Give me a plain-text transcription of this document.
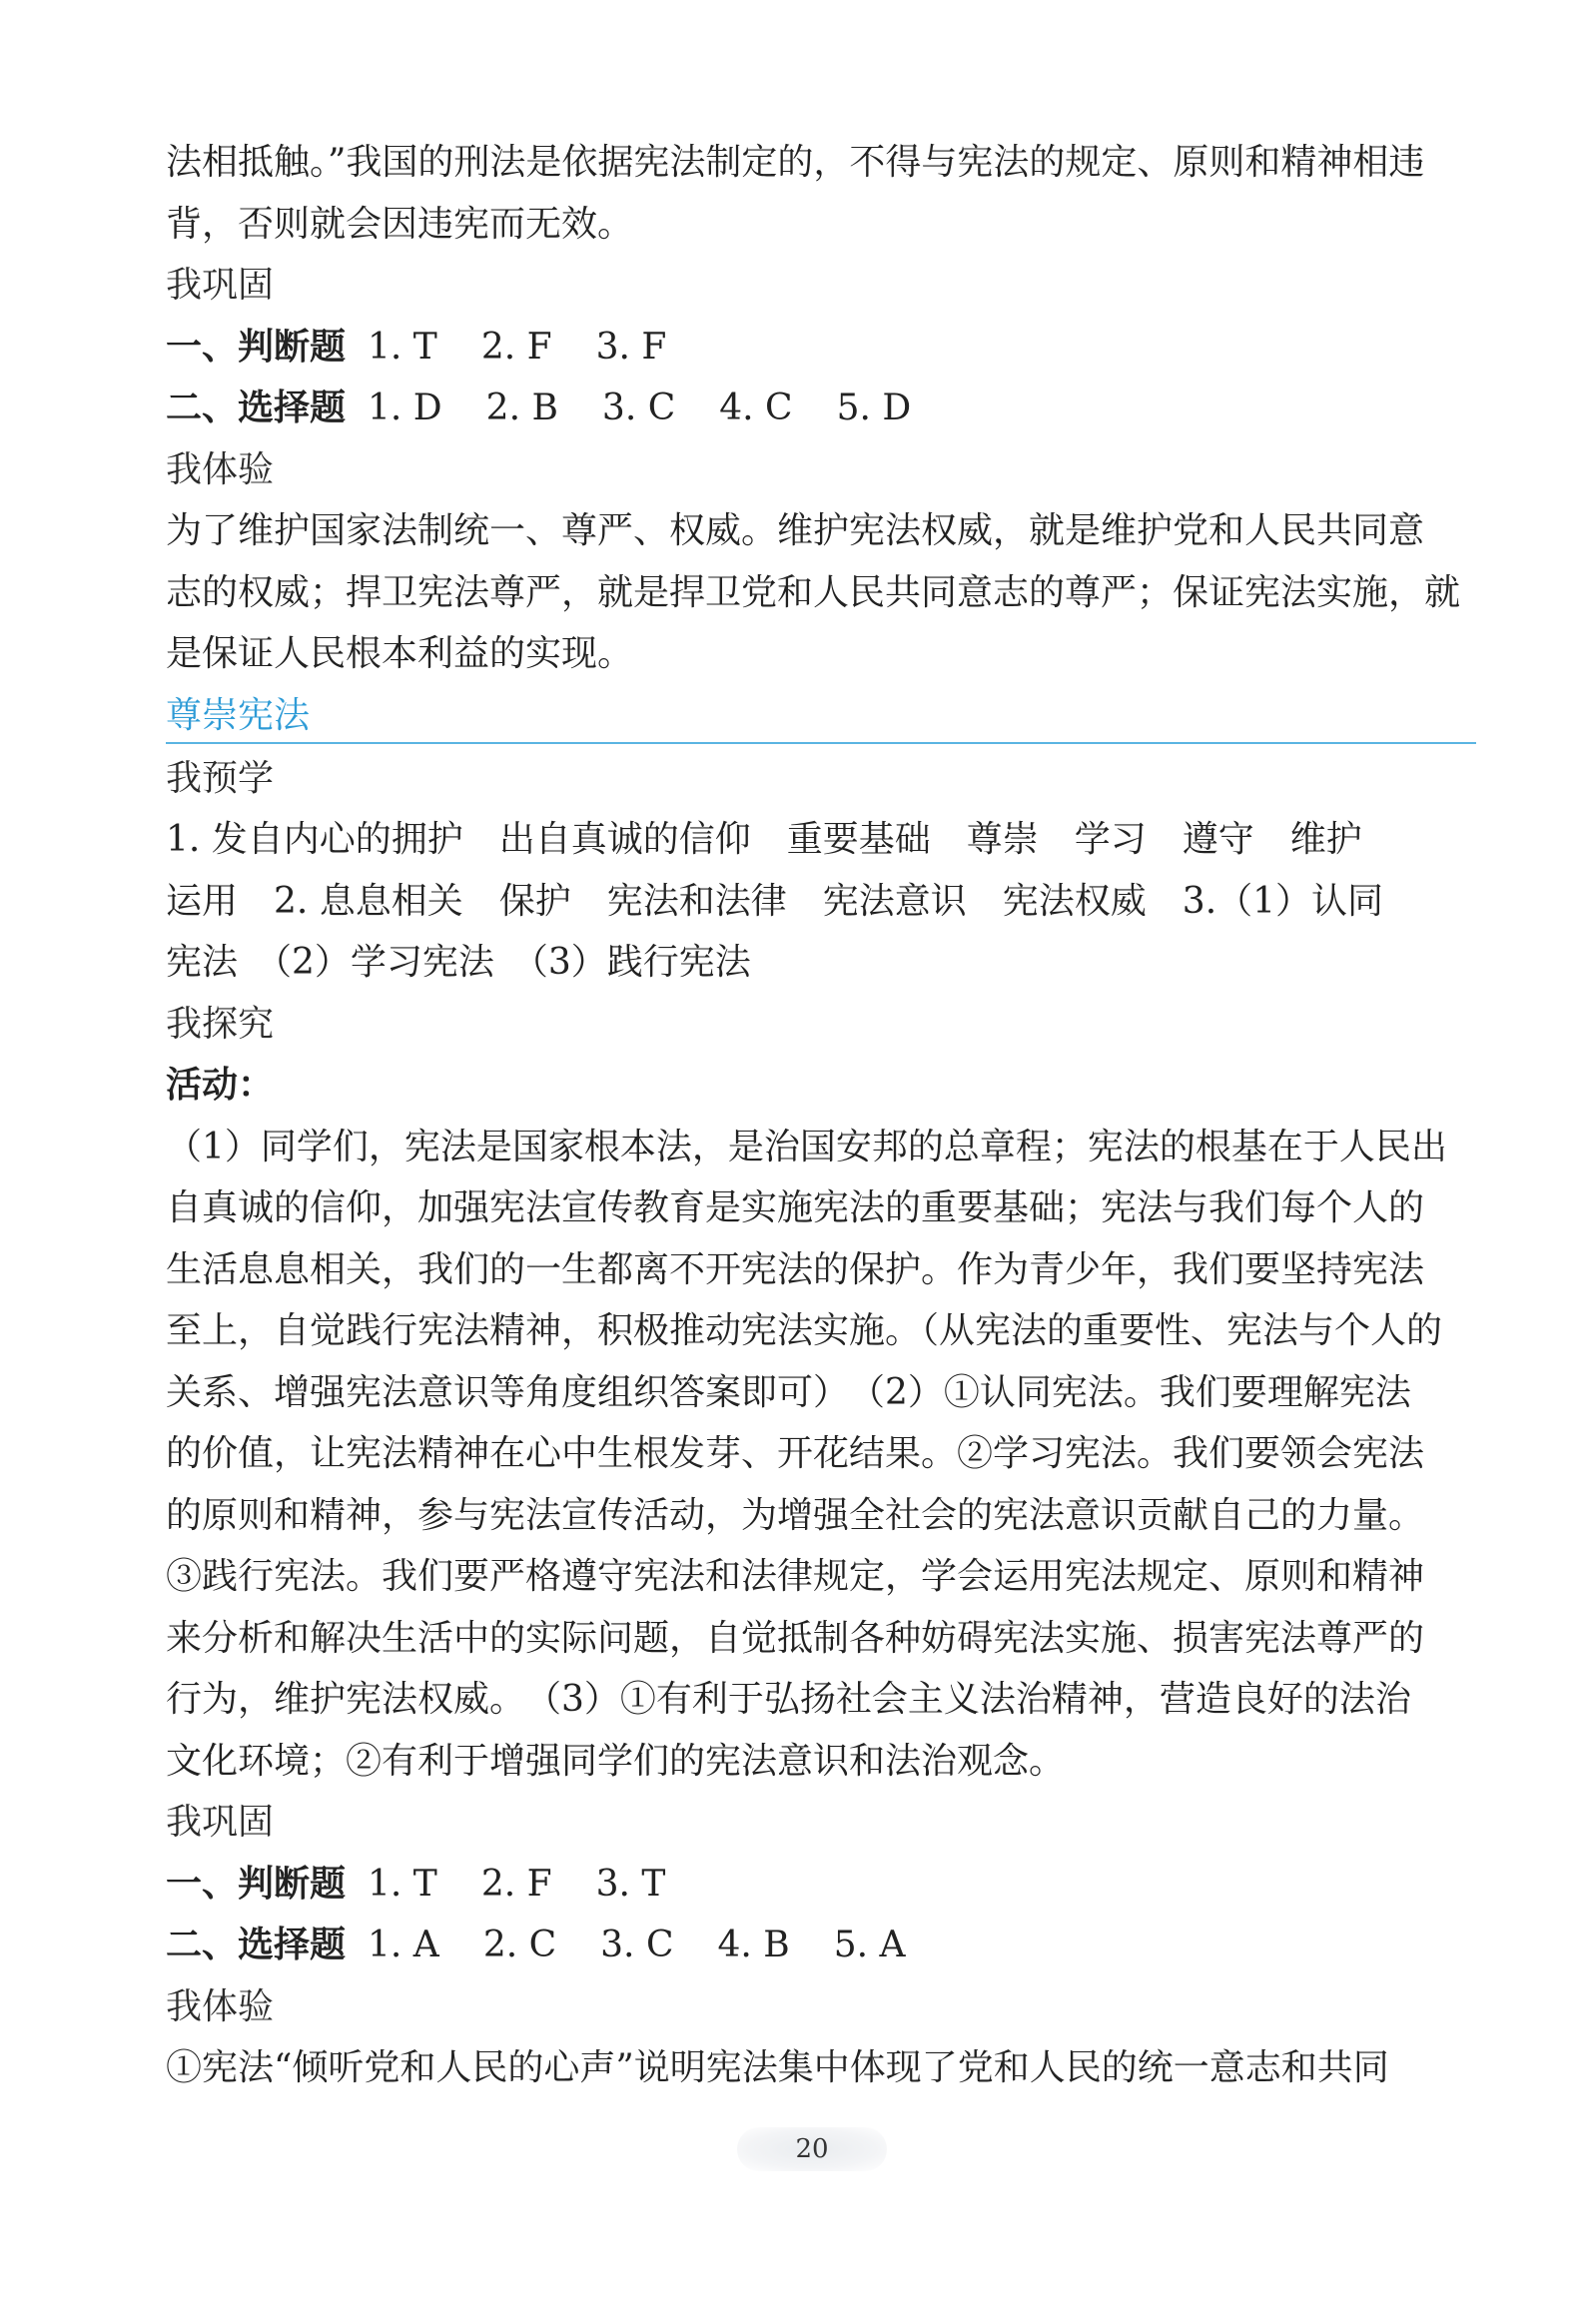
法相抵触。”我国的刑法是依据宪法制定的，不得与宪法的规定、原则和精神相违
背，否则就会因违宪而无效。
我巩固
一、判断题 1. T 2. F 3. F
二、选择题 1. D 2. B 3. C 4. C 5. D
我体验
为了维护国家法制统一、尊严、权威。维护宪法权威，就是维护党和人民共同意
志的权威；捍卫宪法尊严，就是捍卫党和人民共同意志的尊严；保证宪法实施，就
是保证人民根本利益的实现。
尊崇宪法
我预学
1. 发自内心的拥护　出自真诚的信仰　重要基础　尊崇　学习　遵守　维护
运用　2. 息息相关　保护　宪法和法律　宪法意识　宪法权威　3.（1）认同
宪法　（2）学习宪法　（3）践行宪法
我探究
活动：
（1）同学们，宪法是国家根本法，是治国安邦的总章程；宪法的根基在于人民出
自真诚的信仰，加强宪法宣传教育是实施宪法的重要基础；宪法与我们每个人的
生活息息相关，我们的一生都离不开宪法的保护。作为青少年，我们要坚持宪法
至上，自觉践行宪法精神，积极推动宪法实施。（从宪法的重要性、宪法与个人的
关系、增强宪法意识等角度组织答案即可）　（2）①认同宪法。我们要理解宪法
的价值，让宪法精神在心中生根发芽、开花结果。②学习宪法。我们要领会宪法
的原则和精神，参与宪法宣传活动，为增强全社会的宪法意识贡献自己的力量。
③践行宪法。我们要严格遵守宪法和法律规定，学会运用宪法规定、原则和精神
来分析和解决生活中的实际问题，自觉抵制各种妨碍宪法实施、损害宪法尊严的
行为，维护宪法权威。　（3）①有利于弘扬社会主义法治精神，营造良好的法治
文化环境；②有利于增强同学们的宪法意识和法治观念。
我巩固
一、判断题 1. T 2. F 3. T
二、选择题 1. A 2. C 3. C 4. B 5. A
我体验
①宪法“倾听党和人民的心声”说明宪法集中体现了党和人民的统一意志和共同
20
